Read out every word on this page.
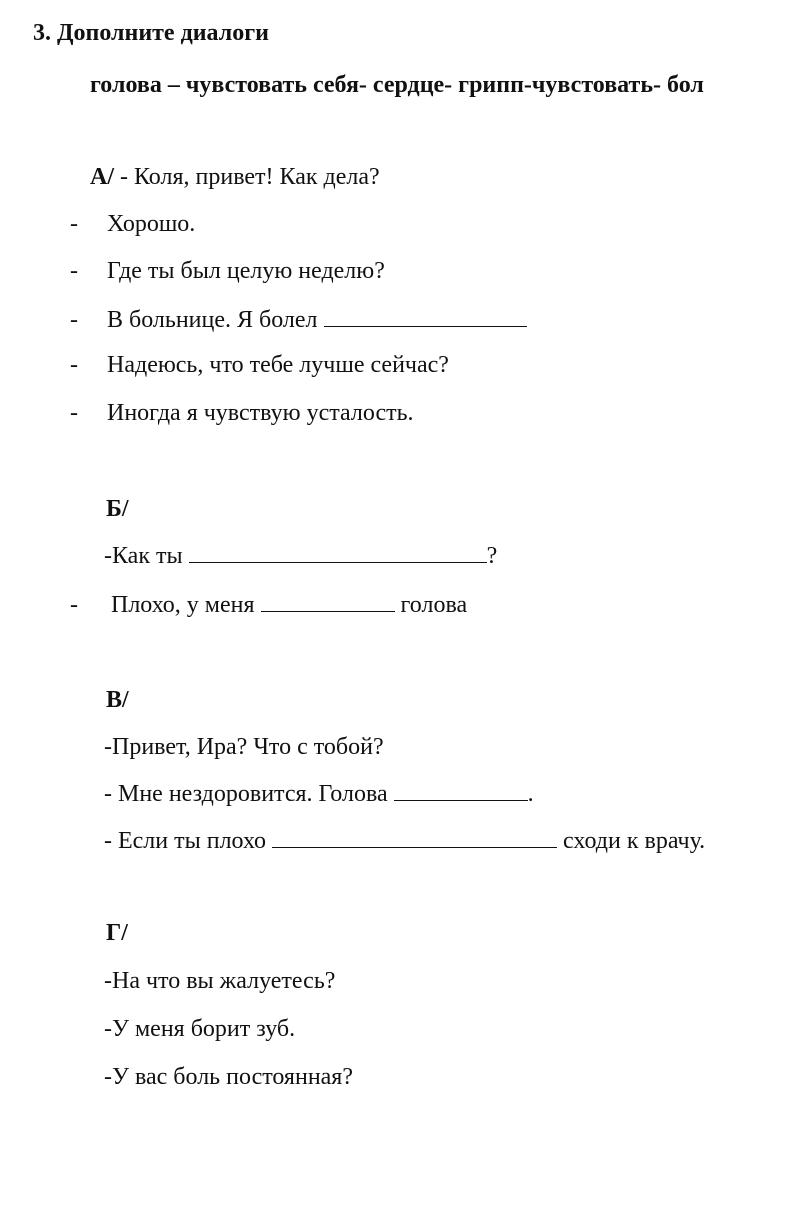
3. Дополните диалоги
голова – чувстовать себя- сердце- грипп-чувстовать- бол
А/ - Коля, привет! Как дела?
- Хорошо.
- Где ты был целую неделю?
- В больнице. Я болел
- Надеюсь, что тебе лучше сейчас?
- Иногда я чувствую усталость.
Б/
-Как ты	?
- Плохо, у меня	голова
В/
-Привет, Ира? Что с тобой?
- Мне нездоровится. Голова	.
- Если ты плохо	сходи к врачу.
Г/
-На что вы жалуетесь?
-У меня борит зуб.
-У вас боль постоянная?
